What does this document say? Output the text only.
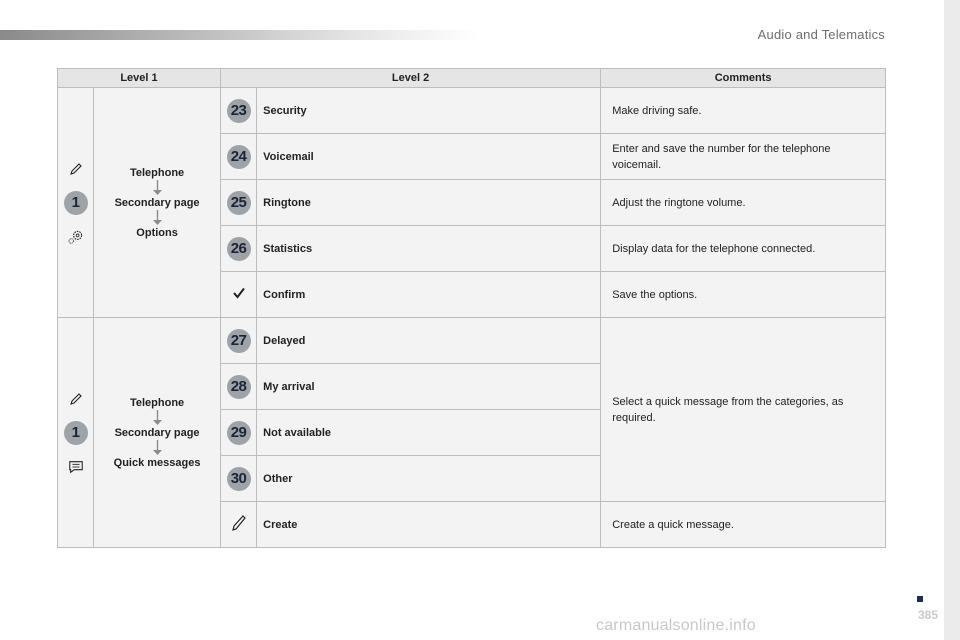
Audio and Telematics
385
carmanualsonline.info
Level 1		Level 2		Comments

1	Telephone
Secondary page
Options	23	Security	Make driving safe.
		24	Voicemail	Enter and save the number for the telephone voicemail.
		25	Ringtone	Adjust the ringtone volume.
		26	Statistics	Display data for the telephone connected.
	Confirm	Save the options.

1	Telephone
Secondary page
Quick messages	27	Delayed	Select a quick message from the categories, as required.
		28	My arrival	
		29	Not available	
		30	Other	
	Create	Create a quick message.
